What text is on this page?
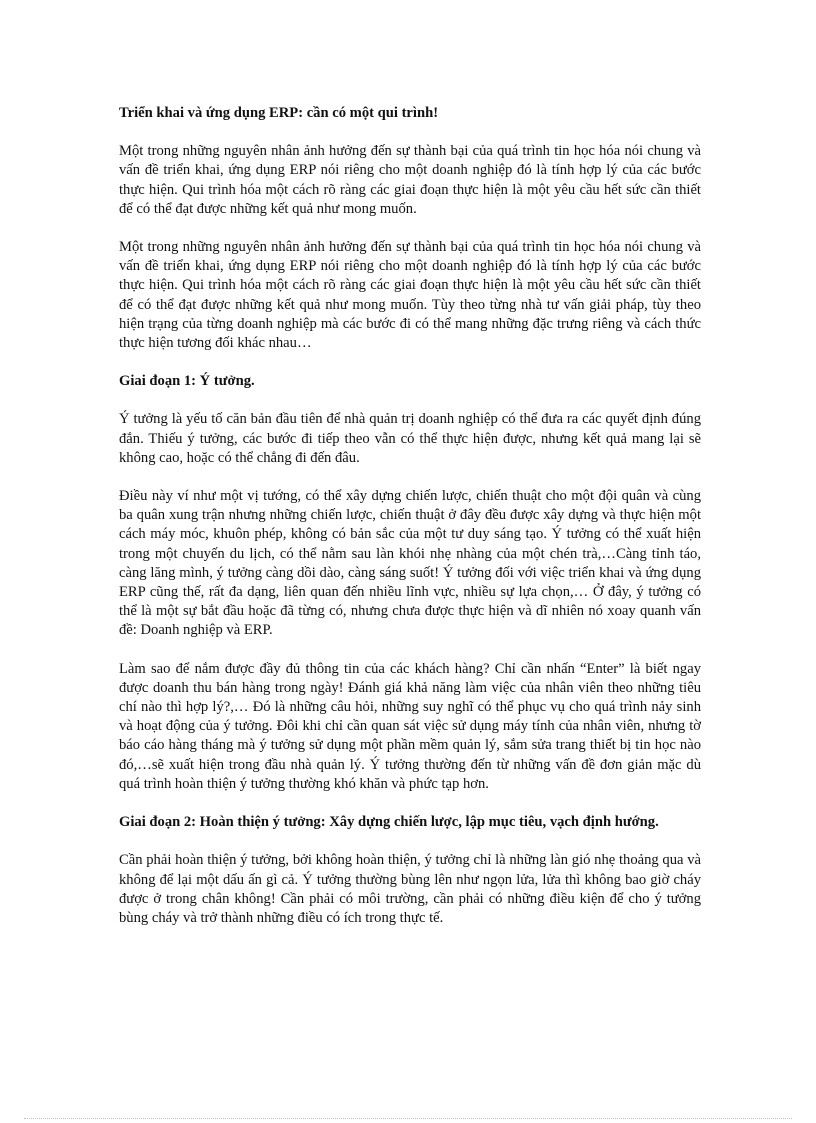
Triển khai và ứng dụng ERP: cần có một qui trình!

Một trong những nguyên nhân ảnh hưởng đến sự thành bại của quá trình tin học hóa nói chung và vấn đề triển khai, ứng dụng ERP nói riêng cho một doanh nghiệp đó là tính hợp lý của các bước thực hiện. Qui trình hóa một cách rõ ràng các giai đoạn thực hiện là một yêu cầu hết sức cần thiết để có thể đạt được những kết quả như mong muốn.

Một trong những nguyên nhân ảnh hưởng đến sự thành bại của quá trình tin học hóa nói chung và vấn đề triển khai, ứng dụng ERP nói riêng cho một doanh nghiệp đó là tính hợp lý của các bước thực hiện. Qui trình hóa một cách rõ ràng các giai đoạn thực hiện là một yêu cầu hết sức cần thiết để có thể đạt được những kết quả như mong muốn. Tùy theo từng nhà tư vấn giải pháp, tùy theo hiện trạng của từng doanh nghiệp mà các bước đi có thể mang những đặc trưng riêng và cách thức thực hiện tương đối khác nhau…

Giai đoạn 1: Ý tưởng.

Ý tưởng là yếu tố căn bản đầu tiên để nhà quản trị doanh nghiệp có thể đưa ra các quyết định đúng đắn. Thiếu ý tưởng, các bước đi tiếp theo vẫn có thể thực hiện được, nhưng kết quả mang lại sẽ không cao, hoặc có thể chẳng đi đến đâu.

Điều này ví như một vị tướng, có thể xây dựng chiến lược, chiến thuật cho một đội quân và cùng ba quân xung trận nhưng những chiến lược, chiến thuật ở đây đều được xây dựng và thực hiện một cách máy móc, khuôn phép, không có bản sắc của một tư duy sáng tạo. Ý tưởng có thể xuất hiện trong một chuyến du lịch, có thể nằm sau làn khói nhẹ nhàng của một chén trà,…Càng tỉnh táo, càng lăng mình, ý tưởng càng dồi dào, càng sáng suốt! Ý tưởng đối với việc triển khai và ứng dụng ERP cũng thế, rất đa dạng, liên quan đến nhiều lĩnh vực, nhiều sự lựa chọn,… Ở đây, ý tưởng có thể là một sự bắt đầu hoặc đã từng có, nhưng chưa được thực hiện và dĩ nhiên nó xoay quanh vấn đề: Doanh nghiệp và ERP.

Làm sao để nắm được đầy đủ thông tin của các khách hàng? Chỉ cần nhấn “Enter” là biết ngay được doanh thu bán hàng trong ngày! Đánh giá khả năng làm việc của nhân viên theo những tiêu chí nào thì hợp lý?,… Đó là những câu hỏi, những suy nghĩ có thể phục vụ cho quá trình nảy sinh và hoạt động của ý tưởng. Đôi khi chỉ cần quan sát việc sử dụng máy tính của nhân viên, nhưng tờ báo cáo hàng tháng mà ý tưởng sử dụng một phần mềm quản lý, sắm sửa trang thiết bị tin học nào đó,…sẽ xuất hiện trong đầu nhà quản lý. Ý tưởng thường đến từ những vấn đề đơn giản mặc dù quá trình hoàn thiện ý tưởng thường khó khăn và phức tạp hơn.

Giai đoạn 2: Hoàn thiện ý tưởng: Xây dựng chiến lược, lập mục tiêu, vạch định hướng.

Cần phải hoàn thiện ý tưởng, bởi không hoàn thiện, ý tưởng chỉ là những làn gió nhẹ thoảng qua và không để lại một dấu ấn gì cả. Ý tưởng thường bùng lên như ngọn lửa, lửa thì không bao giờ cháy được ở trong chân không! Cần phải có môi trường, cần phải có những điều kiện để cho ý tưởng bùng cháy và trở thành những điều có ích trong thực tế.
